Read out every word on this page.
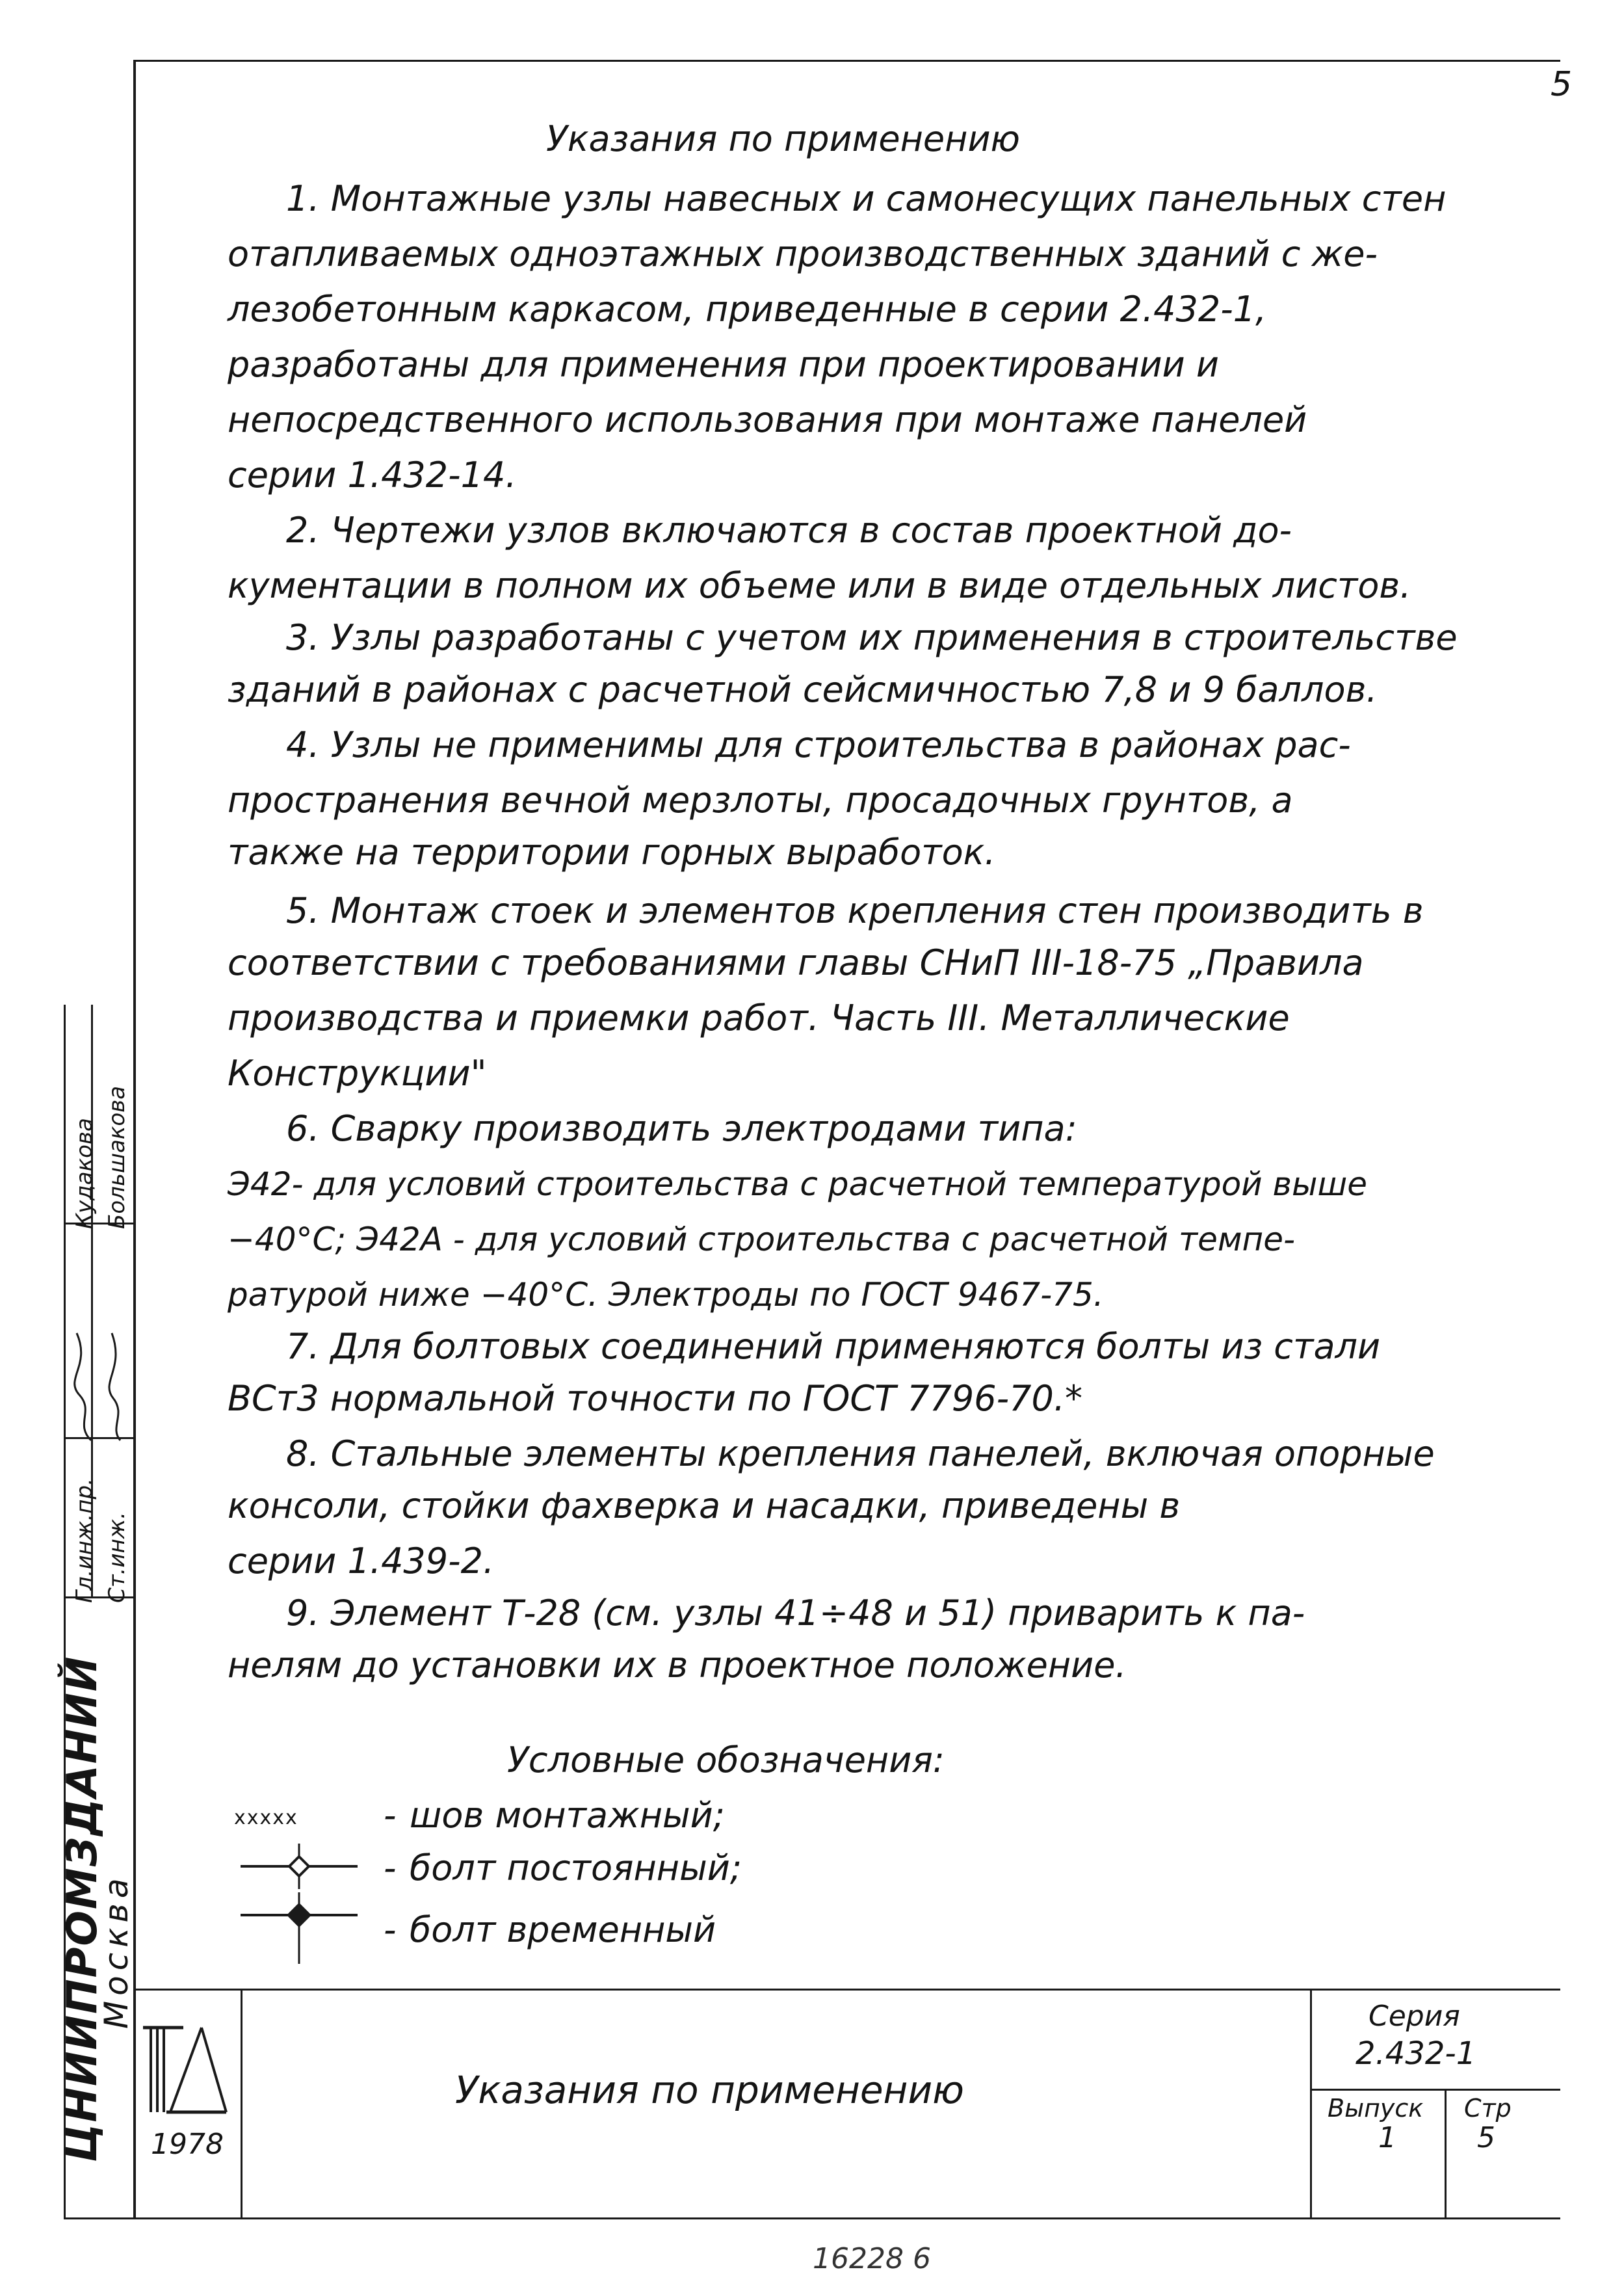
5
Указания по применению
1. Монтажные узлы навесных и самонесущих панельных стен
отапливаемых одноэтажных производственных зданий с же-
лезобетонным каркасом, приведенные в серии 2.432-1,
разработаны для применения при проектировании и
непосредственного использования при монтаже панелей
серии 1.432-14.
2. Чертежи узлов включаются в состав проектной до-
кументации в полном их объеме или в виде отдельных листов.
3. Узлы разработаны с учетом их применения в строительстве
зданий в районах с расчетной сейсмичностью 7,8 и 9 баллов.
4. Узлы не применимы для строительства в районах рас-
пространения вечной мерзлоты, просадочных грунтов, а
также на территории горных выработок.
5. Монтаж стоек и элементов крепления стен производить в
соответствии с требованиями главы СНиП III-18-75 „Правила
производства и приемки работ. Часть III. Металлические
Конструкции"
6. Сварку производить электродами типа:
Э42- для условий строительства с расчетной температурой выше
−40°С; Э42А - для условий строительства с расчетной темпе-
ратурой ниже −40°С. Электроды по ГОСТ 9467-75.
7. Для болтовых соединений применяются болты из стали
ВСт3 нормальной точности по ГОСТ 7796-70.*
8. Стальные элементы крепления панелей, включая опорные
консоли, стойки фахверка и насадки, приведены в
серии 1.439-2.
9. Элемент Т-28 (см. узлы 41÷48 и 51) приварить к па-
нелям до установки их в проектное положение.
Условные обозначения:
xxxxx - шов монтажный;
- болт постоянный;
- болт временный
1978
Указания по применению
Серия
2.432-1
Выпуск
1
Стр
5
ЦНИИПРОМЗДАНИЙ
Москва
Гл.инж.пр. Ст.инж.
Кудакова Большакова
16228 6
